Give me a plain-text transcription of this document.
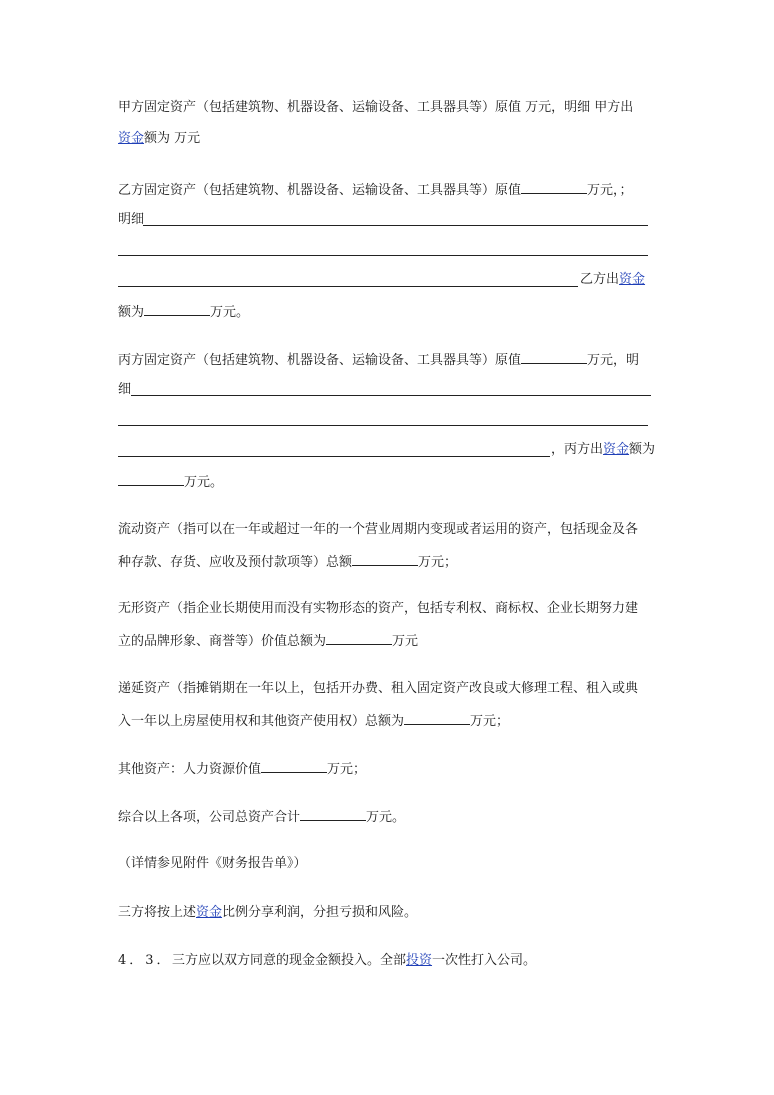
甲方固定资产（包括建筑物、机器设备、运输设备、工具器具等）原值 万元，明细 甲方出
资金额为 万元
乙方固定资产（包括建筑物、机器设备、运输设备、工具器具等）原值	万元，；
明细
乙方出资金
额为	万元。
丙方固定资产（包括建筑物、机器设备、运输设备、工具器具等）原值	万元，明
细
，丙方出资金额为
万元。
流动资产（指可以在一年或超过一年的一个营业周期内变现或者运用的资产，包括现金及各
种存款、存货、应收及预付款项等）总额	万元；
无形资产（指企业长期使用而没有实物形态的资产，包括专利权、商标权、企业长期努力建
立的品牌形象、商誉等）价值总额为	万元
递延资产（指摊销期在一年以上，包括开办费、租入固定资产改良或大修理工程、租入或典
入一年以上房屋使用权和其他资产使用权）总额为	万元；
其他资产：人力资源价值	万元；
综合以上各项，公司总资产合计	万元。
（详情参见附件《财务报告单》）
三方将按上述资金比例分享利润，分担亏损和风险。
4．3．三方应以双方同意的现金金额投入。全部投资一次性打入公司。
